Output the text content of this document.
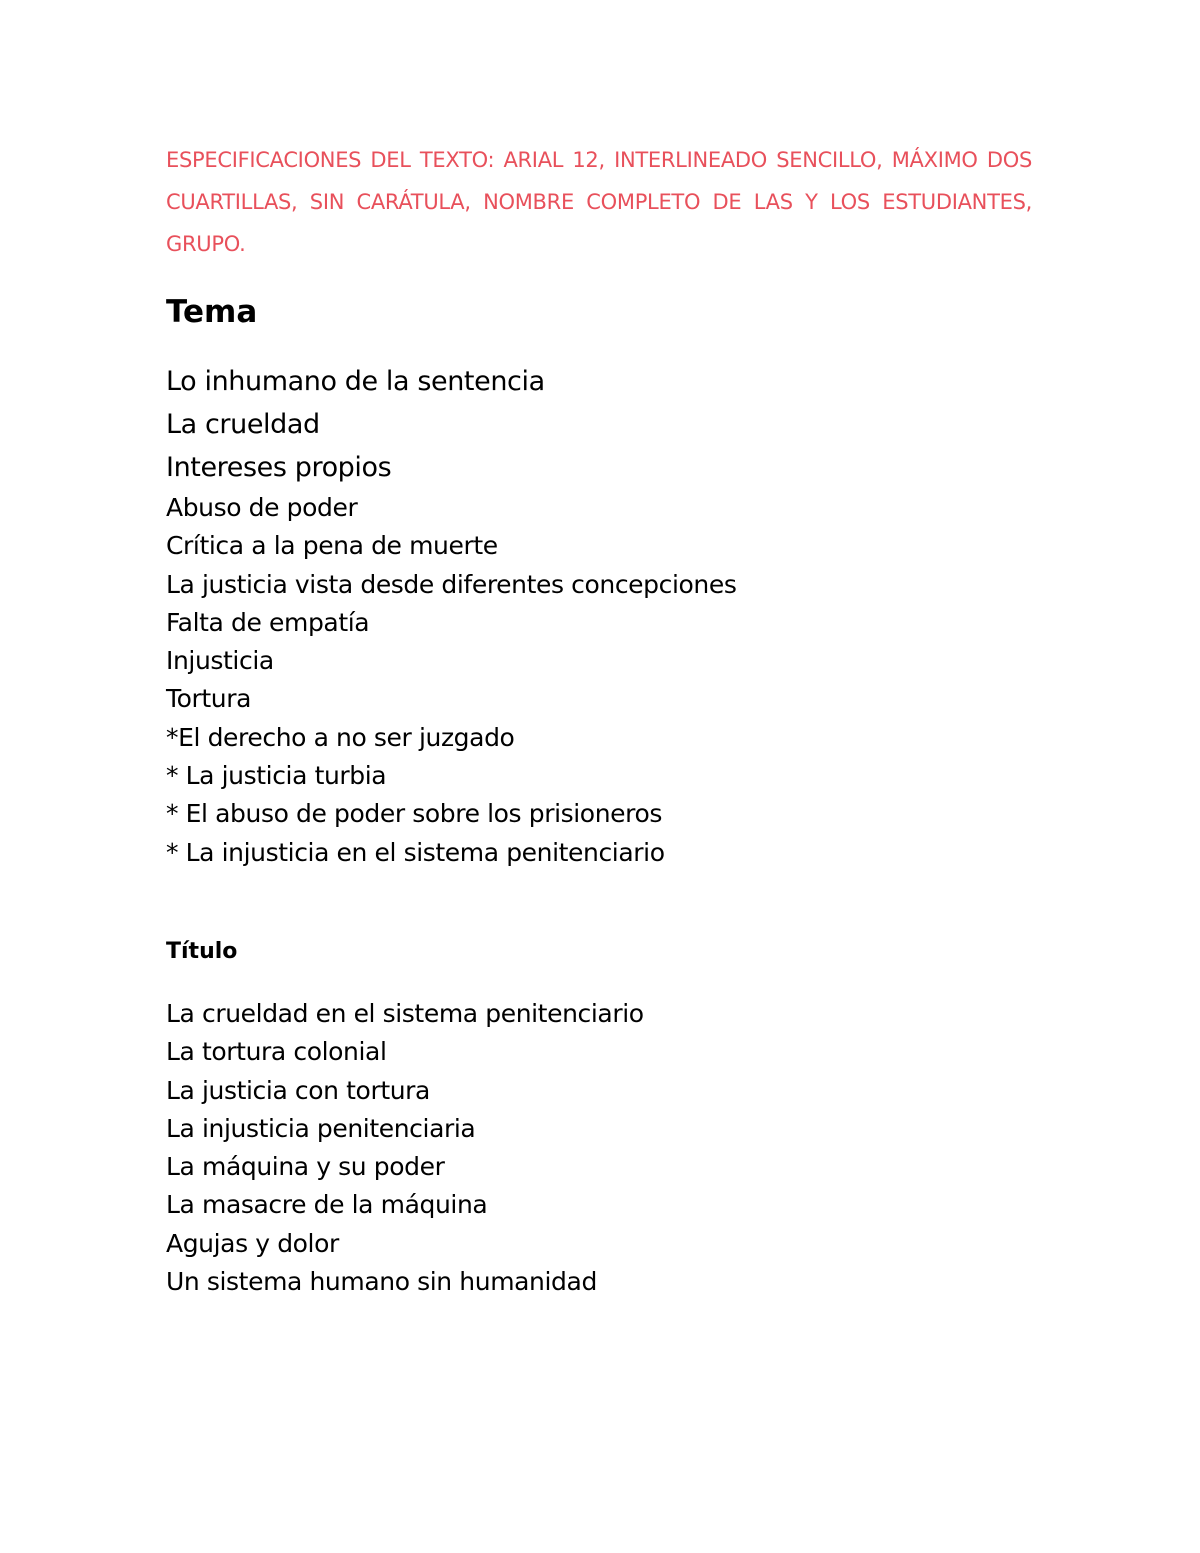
ESPECIFICACIONES DEL TEXTO: ARIAL 12, INTERLINEADO SENCILLO, MÁXIMO DOS CUARTILLAS, SIN CARÁTULA, NOMBRE COMPLETO DE LAS Y LOS ESTUDIANTES, GRUPO.

Tema
Lo inhumano de la sentencia
La crueldad
Intereses propios
Abuso de poder
Crítica a la pena de muerte
La justicia vista desde diferentes concepciones
Falta de empatía
Injusticia
Tortura
*El derecho a no ser juzgado
* La justicia turbia
* El abuso de poder sobre los prisioneros
* La injusticia en el sistema penitenciario
Título
La crueldad en el sistema penitenciario
La tortura colonial
La justicia con tortura
La injusticia penitenciaria
La máquina y su poder
La masacre de la máquina
Agujas y dolor
Un sistema humano sin humanidad
